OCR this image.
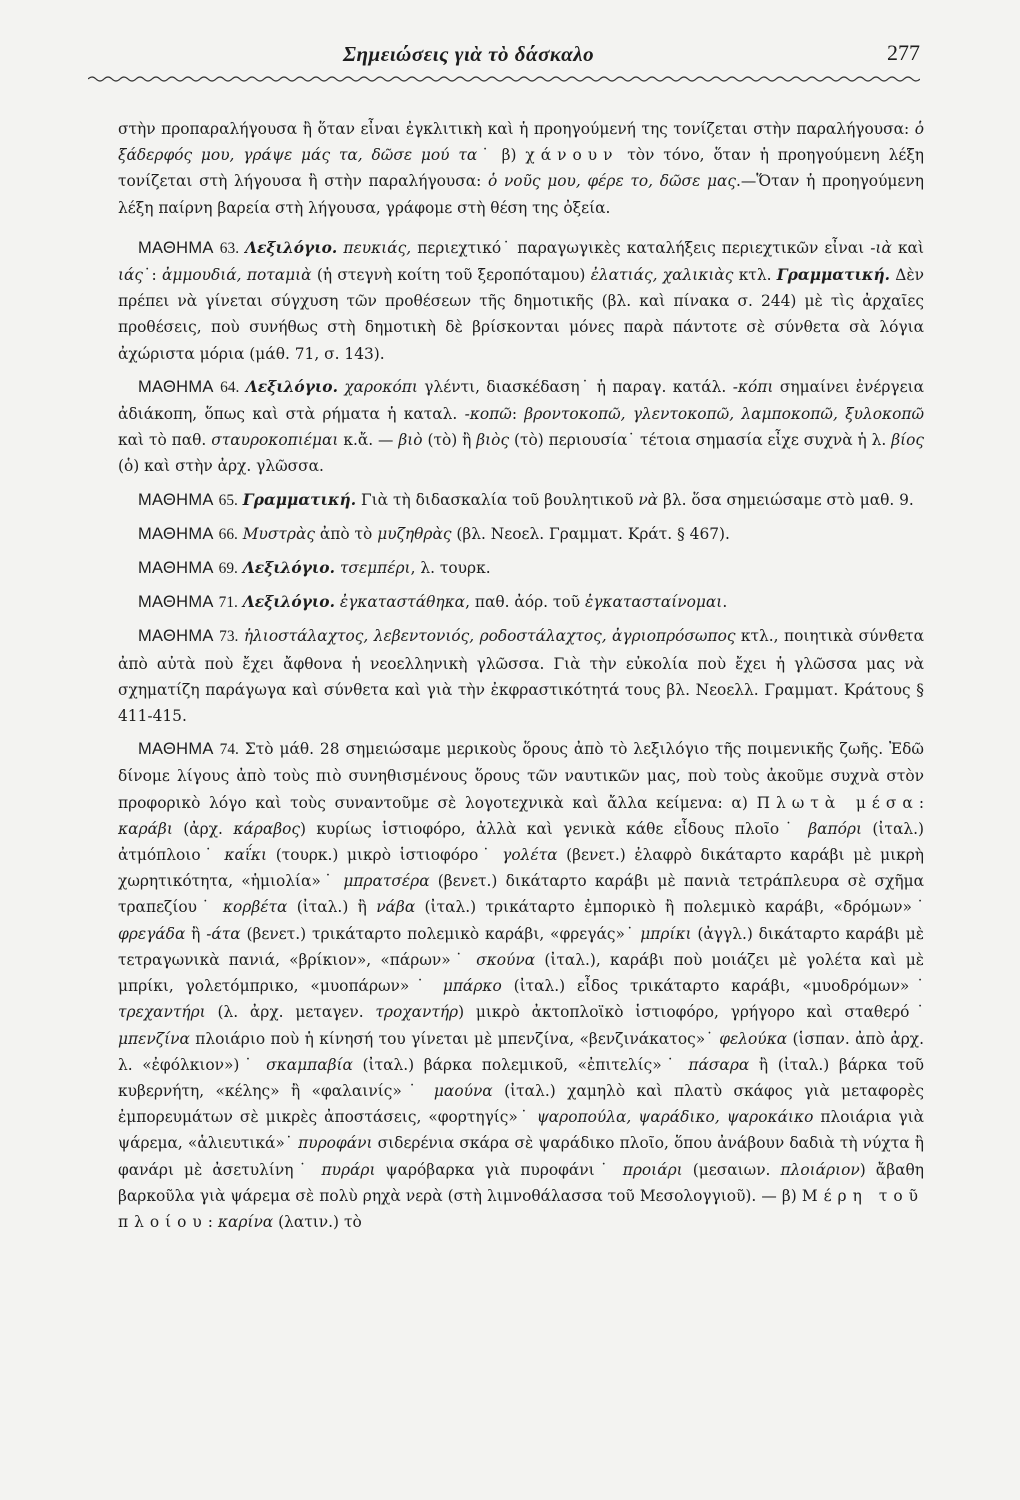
Σημειώσεις γιὰ τὸ δάσκαλο	277

στὴν προπαραλήγουσα ἢ ὅταν εἶναι ἐγκλιτικὴ καὶ ἡ προηγούμενή της τονίζεται στὴν παραλήγουσα: ὁ ξάδερφός μου, γράψε μάς τα, δῶσε μού τα˙ β) χάνουν τὸν τόνο, ὅταν ἡ προηγούμενη λέξη τονίζεται στὴ λήγουσα ἢ στὴν παραλήγουσα: ὁ νοῦς μου, φέρε το, δῶσε μας.—Ὅταν ἡ προηγούμενη λέξη παίρνη βαρεία στὴ λήγουσα, γράφομε στὴ θέση της ὀξεία.

ΜΑΘΗΜΑ 63. Λεξιλόγιο. πευκιάς, περιεχτικό˙ παραγωγικὲς καταλήξεις περιεχτικῶν εἶναι -ιὰ καὶ ιάς˙: ἀμμουδιά, ποταμιὰ (ἡ στεγνὴ κοίτη τοῦ ξεροπόταμου) ἐλατιάς, χαλικιὰς κτλ. Γραμματική. Δὲν πρέπει νὰ γίνεται σύγχυση τῶν προθέσεων τῆς δημοτικῆς (βλ. καὶ πίνακα σ. 244) μὲ τὶς ἀρχαῖες προθέσεις, ποὺ συνήθως στὴ δημοτικὴ δὲ βρίσκονται μόνες παρὰ πάντοτε σὲ σύνθετα σὰ λόγια ἀχώριστα μόρια (μάθ. 71, σ. 143).

ΜΑΘΗΜΑ 64. Λεξιλόγιο. χαροκόπι γλέντι, διασκέδαση˙ ἡ παραγ. κατάλ. -κόπι σημαίνει ἐνέργεια ἀδιάκοπη, ὅπως καὶ στὰ ρήματα ἡ καταλ. -κοπῶ: βροντοκοπῶ, γλεντοκοπῶ, λαμποκοπῶ, ξυλοκοπῶ καὶ τὸ παθ. σταυροκοπιέμαι κ.ἄ. — βιὸ (τὸ) ἢ βιὸς (τὸ) περιουσία˙ τέτοια σημασία εἶχε συχνὰ ἡ λ. βίος (ὁ) καὶ στὴν ἀρχ. γλῶσσα.

ΜΑΘΗΜΑ 65. Γραμματική. Γιὰ τὴ διδασκαλία τοῦ βουλητικοῦ νὰ βλ. ὅσα σημειώσαμε στὸ μαθ. 9.

ΜΑΘΗΜΑ 66. Μυστρὰς ἀπὸ τὸ μυζηθρὰς (βλ. Νεοελ. Γραμματ. Κράτ. § 467).

ΜΑΘΗΜΑ 69. Λεξιλόγιο. τσεμπέρι, λ. τουρκ.

ΜΑΘΗΜΑ 71. Λεξιλόγιο. ἐγκαταστάθηκα, παθ. ἀόρ. τοῦ ἐγκατασταίνομαι.

ΜΑΘΗΜΑ 73. ἡλιοστάλαχτος, λεβεντονιός, ροδοστάλαχτος, ἀγριοπρόσωπος κτλ., ποιητικὰ σύνθετα ἀπὸ αὐτὰ ποὺ ἔχει ἄφθονα ἡ νεοελληνικὴ γλῶσσα. Γιὰ τὴν εὐκολία ποὺ ἔχει ἡ γλῶσσα μας νὰ σχηματίζη παράγωγα καὶ σύνθετα καὶ γιὰ τὴν ἐκφραστικότητά τους βλ. Νεοελλ. Γραμματ. Κράτους § 411-415.

ΜΑΘΗΜΑ 74. Στὸ μάθ. 28 σημειώσαμε μερικοὺς ὅρους ἀπὸ τὸ λεξιλόγιο τῆς ποιμενικῆς ζωῆς. Ἐδῶ δίνομε λίγους ἀπὸ τοὺς πιὸ συνηθισμένους ὅρους τῶν ναυτικῶν μας, ποὺ τοὺς ἀκοῦμε συχνὰ στὸν προφορικὸ λόγο καὶ τοὺς συναντοῦμε σὲ λογοτεχνικὰ καὶ ἄλλα κείμενα: α) Πλωτὰ μέσα: καράβι (ἀρχ. κάραβος) κυρίως ἱστιοφόρο, ἀλλὰ καὶ γενικὰ κάθε εἶδους πλοῖο˙ βαπόρι (ἰταλ.) ἀτμόπλοιο˙ καΐκι (τουρκ.) μικρὸ ἱστιοφόρο˙ γολέτα (βενετ.) ἐλαφρὸ δικάταρτο καράβι μὲ μικρὴ χωρητικότητα, «ἡμιολία»˙ μπρατσέρα (βενετ.) δικάταρτο καράβι μὲ πανιὰ τετράπλευρα σὲ σχῆμα τραπεζίου˙ κορβέτα (ἰταλ.) ἢ νάβα (ἰταλ.) τρικάταρτο ἐμπορικὸ ἢ πολεμικὸ καράβι, «δρόμων»˙ φρεγάδα ἢ -άτα (βενετ.) τρικάταρτο πολεμικὸ καράβι, «φρεγάς»˙ μπρίκι (ἀγγλ.) δικάταρτο καράβι μὲ τετραγωνικὰ πανιά, «βρίκιον», «πάρων»˙ σκούνα (ἰταλ.), καράβι ποὺ μοιάζει μὲ γολέτα καὶ μὲ μπρίκι, γολετόμπρικο, «μυοπάρων»˙ μπάρκο (ἰταλ.) εἶδος τρικάταρτο καράβι, «μυοδρόμων»˙ τρεχαντήρι (λ. ἀρχ. μεταγεν. τροχαντήρ) μικρὸ ἀκτοπλοϊκὸ ἱστιοφόρο, γρήγορο καὶ σταθερό˙ μπενζίνα πλοιάριο ποὺ ἡ κίνησή του γίνεται μὲ μπενζίνα, «βενζινάκατος»˙ φελούκα (ἱσπαν. ἀπὸ ἀρχ. λ. «ἐφόλκιον»)˙ σκαμπαβία (ἰταλ.) βάρκα πολεμικοῦ, «ἐπιτελίς»˙ πάσαρα ἢ (ἰταλ.) βάρκα τοῦ κυβερνήτη, «κέλης» ἢ «φαλαινίς»˙ μαούνα (ἰταλ.) χαμηλὸ καὶ πλατὺ σκάφος γιὰ μεταφορὲς ἐμπορευμάτων σὲ μικρὲς ἀποστάσεις, «φορτηγίς»˙ ψαροπούλα, ψαράδικο, ψαροκάικο πλοιάρια γιὰ ψάρεμα, «ἁλιευτικά»˙ πυροφάνι σιδερένια σκάρα σὲ ψαράδικο πλοῖο, ὅπου ἀνάβουν δαδιὰ τὴ νύχτα ἢ φανάρι μὲ ἀσετυλίνη˙ πυράρι ψαρόβαρκα γιὰ πυροφάνι˙ προιάρι (μεσαιων. πλοιάριον) ἄβαθη βαρκοῦλα γιὰ ψάρεμα σὲ πολὺ ρηχὰ νερὰ (στὴ λιμνοθάλασσα τοῦ Μεσολογγιοῦ). — β) Μέρη τοῦ πλοίου: καρίνα (λατιν.) τὸ
